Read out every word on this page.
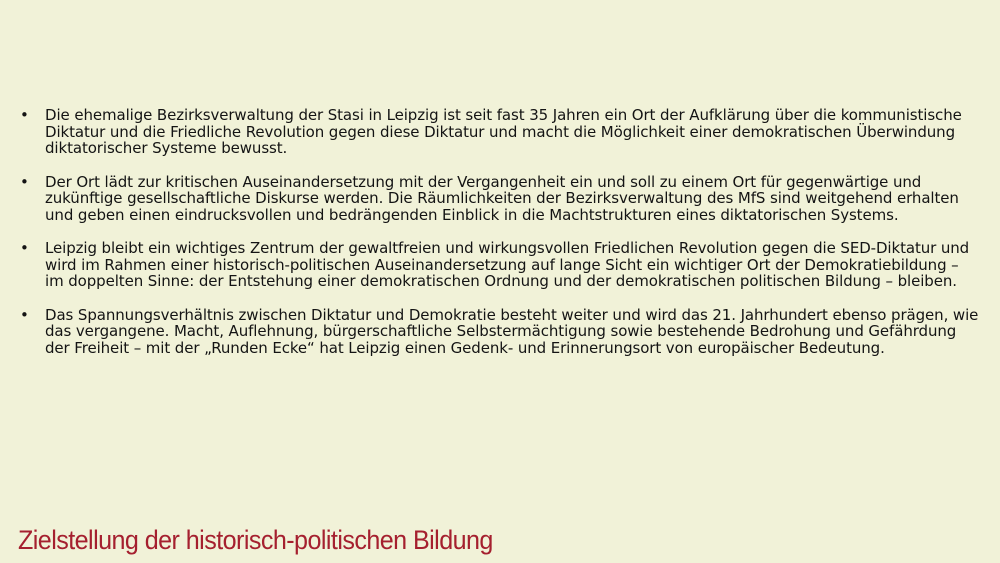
• Die ehemalige Bezirksverwaltung der Stasi in Leipzig ist seit fast 35 Jahren ein Ort der Aufklärung über die kommunistische Diktatur und die Friedliche Revolution gegen diese Diktatur und macht die Möglichkeit einer demokratischen Überwindung diktatorischer Systeme bewusst.
• Der Ort lädt zur kritischen Auseinandersetzung mit der Vergangenheit ein und soll zu einem Ort für gegenwärtige und zukünftige gesellschaftliche Diskurse werden. Die Räumlichkeiten der Bezirksverwaltung des MfS sind weitgehend erhalten und geben einen eindrucksvollen und bedrängenden Einblick in die Machtstrukturen eines diktatorischen Systems.
• Leipzig bleibt ein wichtiges Zentrum der gewaltfreien und wirkungsvollen Friedlichen Revolution gegen die SED-Diktatur und wird im Rahmen einer historisch-politischen Auseinandersetzung auf lange Sicht ein wichtiger Ort der Demokratiebildung – im doppelten Sinne: der Entstehung einer demokratischen Ordnung und der demokratischen politischen Bildung – bleiben.
• Das Spannungsverhältnis zwischen Diktatur und Demokratie besteht weiter und wird das 21. Jahrhundert ebenso prägen, wie das vergangene. Macht, Auflehnung, bürgerschaftliche Selbstermächtigung sowie bestehende Bedrohung und Gefährdung der Freiheit – mit der „Runden Ecke“ hat Leipzig einen Gedenk- und Erinnerungsort von europäischer Bedeutung.
Zielstellung der historisch-politischen Bildung
